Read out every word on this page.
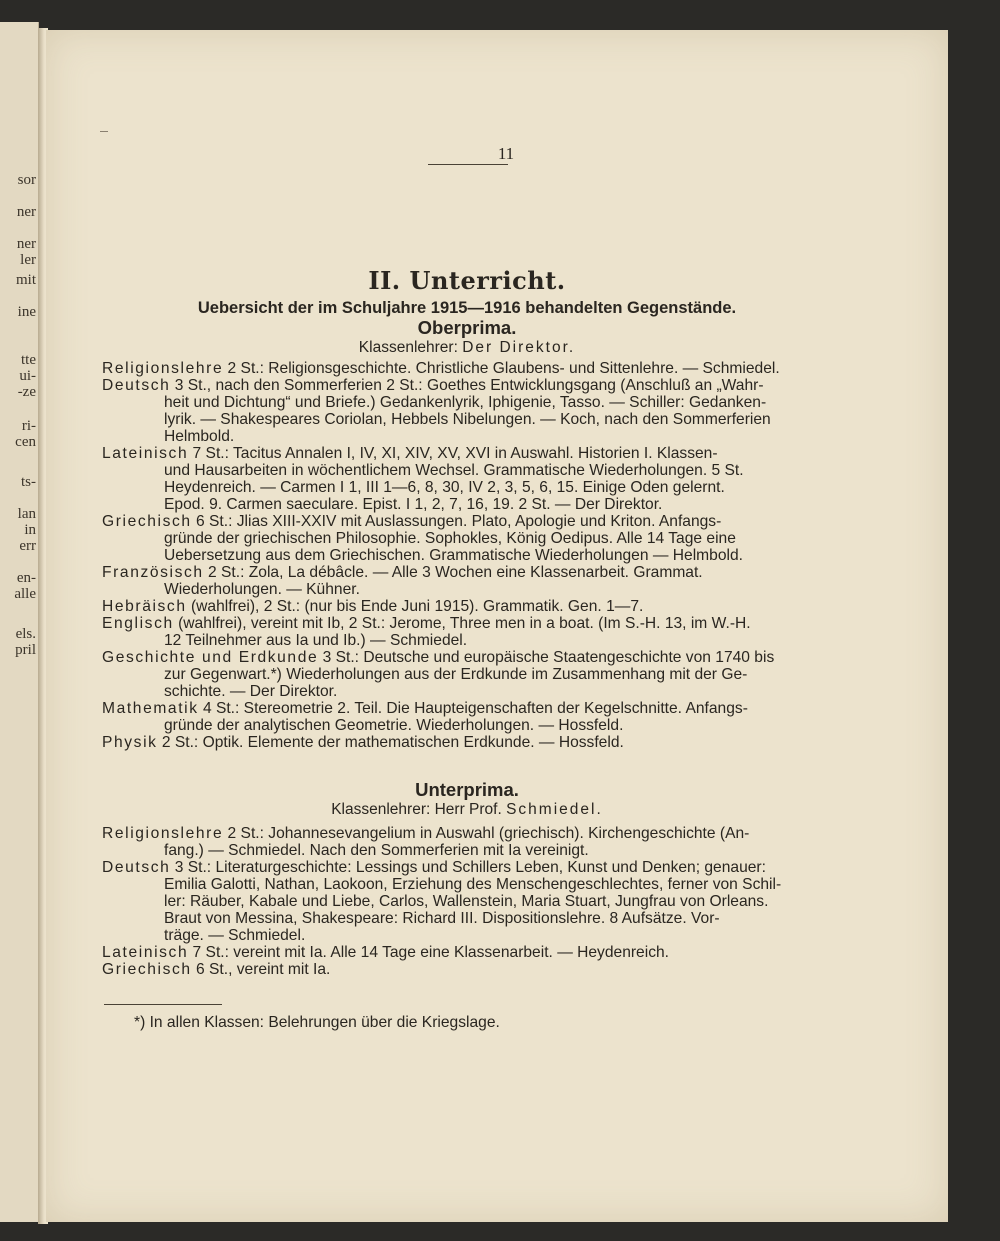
sor
ner
ner
ler
mit
ine
tte
ui-
-ze
ri-
cen
ts-
lan
in
err
en-
alle
els.
pril
11
II. Unterricht.
Uebersicht der im Schuljahre 1915—1916 behandelten Gegenstände.
Oberprima.
Klassenlehrer: Der Direktor.
Religionslehre 2 St.: Religionsgeschichte. Christliche Glaubens- und Sittenlehre. — Schmiedel.
Deutsch 3 St., nach den Sommerferien 2 St.: Goethes Entwicklungsgang (Anschluß an „Wahr-
heit und Dichtung“ und Briefe.) Gedankenlyrik, Iphigenie, Tasso. — Schiller: Gedanken-
lyrik. — Shakespeares Coriolan, Hebbels Nibelungen. — Koch, nach den Sommerferien
Helmbold.
Lateinisch 7 St.: Tacitus Annalen I, IV, XI, XIV, XV, XVI in Auswahl. Historien I. Klassen-
und Hausarbeiten in wöchentlichem Wechsel. Grammatische Wiederholungen. 5 St.
Heydenreich. — Carmen I 1, III 1—6, 8, 30, IV 2, 3, 5, 6, 15. Einige Oden gelernt.
Epod. 9. Carmen saeculare. Epist. I 1, 2, 7, 16, 19. 2 St. — Der Direktor.
Griechisch 6 St.: Jlias XIII-XXIV mit Auslassungen. Plato, Apologie und Kriton. Anfangs-
gründe der griechischen Philosophie. Sophokles, König Oedipus. Alle 14 Tage eine
Uebersetzung aus dem Griechischen. Grammatische Wiederholungen — Helmbold.
Französisch 2 St.: Zola, La débâcle. — Alle 3 Wochen eine Klassenarbeit. Grammat.
Wiederholungen. — Kühner.
Hebräisch (wahlfrei), 2 St.: (nur bis Ende Juni 1915). Grammatik. Gen. 1—7.
Englisch (wahlfrei), vereint mit Ib, 2 St.: Jerome, Three men in a boat. (Im S.-H. 13, im W.-H.
12 Teilnehmer aus Ia und Ib.) — Schmiedel.
Geschichte und Erdkunde 3 St.: Deutsche und europäische Staatengeschichte von 1740 bis
zur Gegenwart.*) Wiederholungen aus der Erdkunde im Zusammenhang mit der Ge-
schichte. — Der Direktor.
Mathematik 4 St.: Stereometrie 2. Teil. Die Haupteigenschaften der Kegelschnitte. Anfangs-
gründe der analytischen Geometrie. Wiederholungen. — Hossfeld.
Physik 2 St.: Optik. Elemente der mathematischen Erdkunde. — Hossfeld.
Unterprima.
Klassenlehrer: Herr Prof. Schmiedel.
Religionslehre 2 St.: Johannesevangelium in Auswahl (griechisch). Kirchengeschichte (An-
fang.) — Schmiedel. Nach den Sommerferien mit Ia vereinigt.
Deutsch 3 St.: Literaturgeschichte: Lessings und Schillers Leben, Kunst und Denken; genauer:
Emilia Galotti, Nathan, Laokoon, Erziehung des Menschengeschlechtes, ferner von Schil-
ler: Räuber, Kabale und Liebe, Carlos, Wallenstein, Maria Stuart, Jungfrau von Orleans.
Braut von Messina, Shakespeare: Richard III. Dispositionslehre. 8 Aufsätze. Vor-
träge. — Schmiedel.
Lateinisch 7 St.: vereint mit Ia. Alle 14 Tage eine Klassenarbeit. — Heydenreich.
Griechisch 6 St., vereint mit Ia.
*) In allen Klassen: Belehrungen über die Kriegslage.
